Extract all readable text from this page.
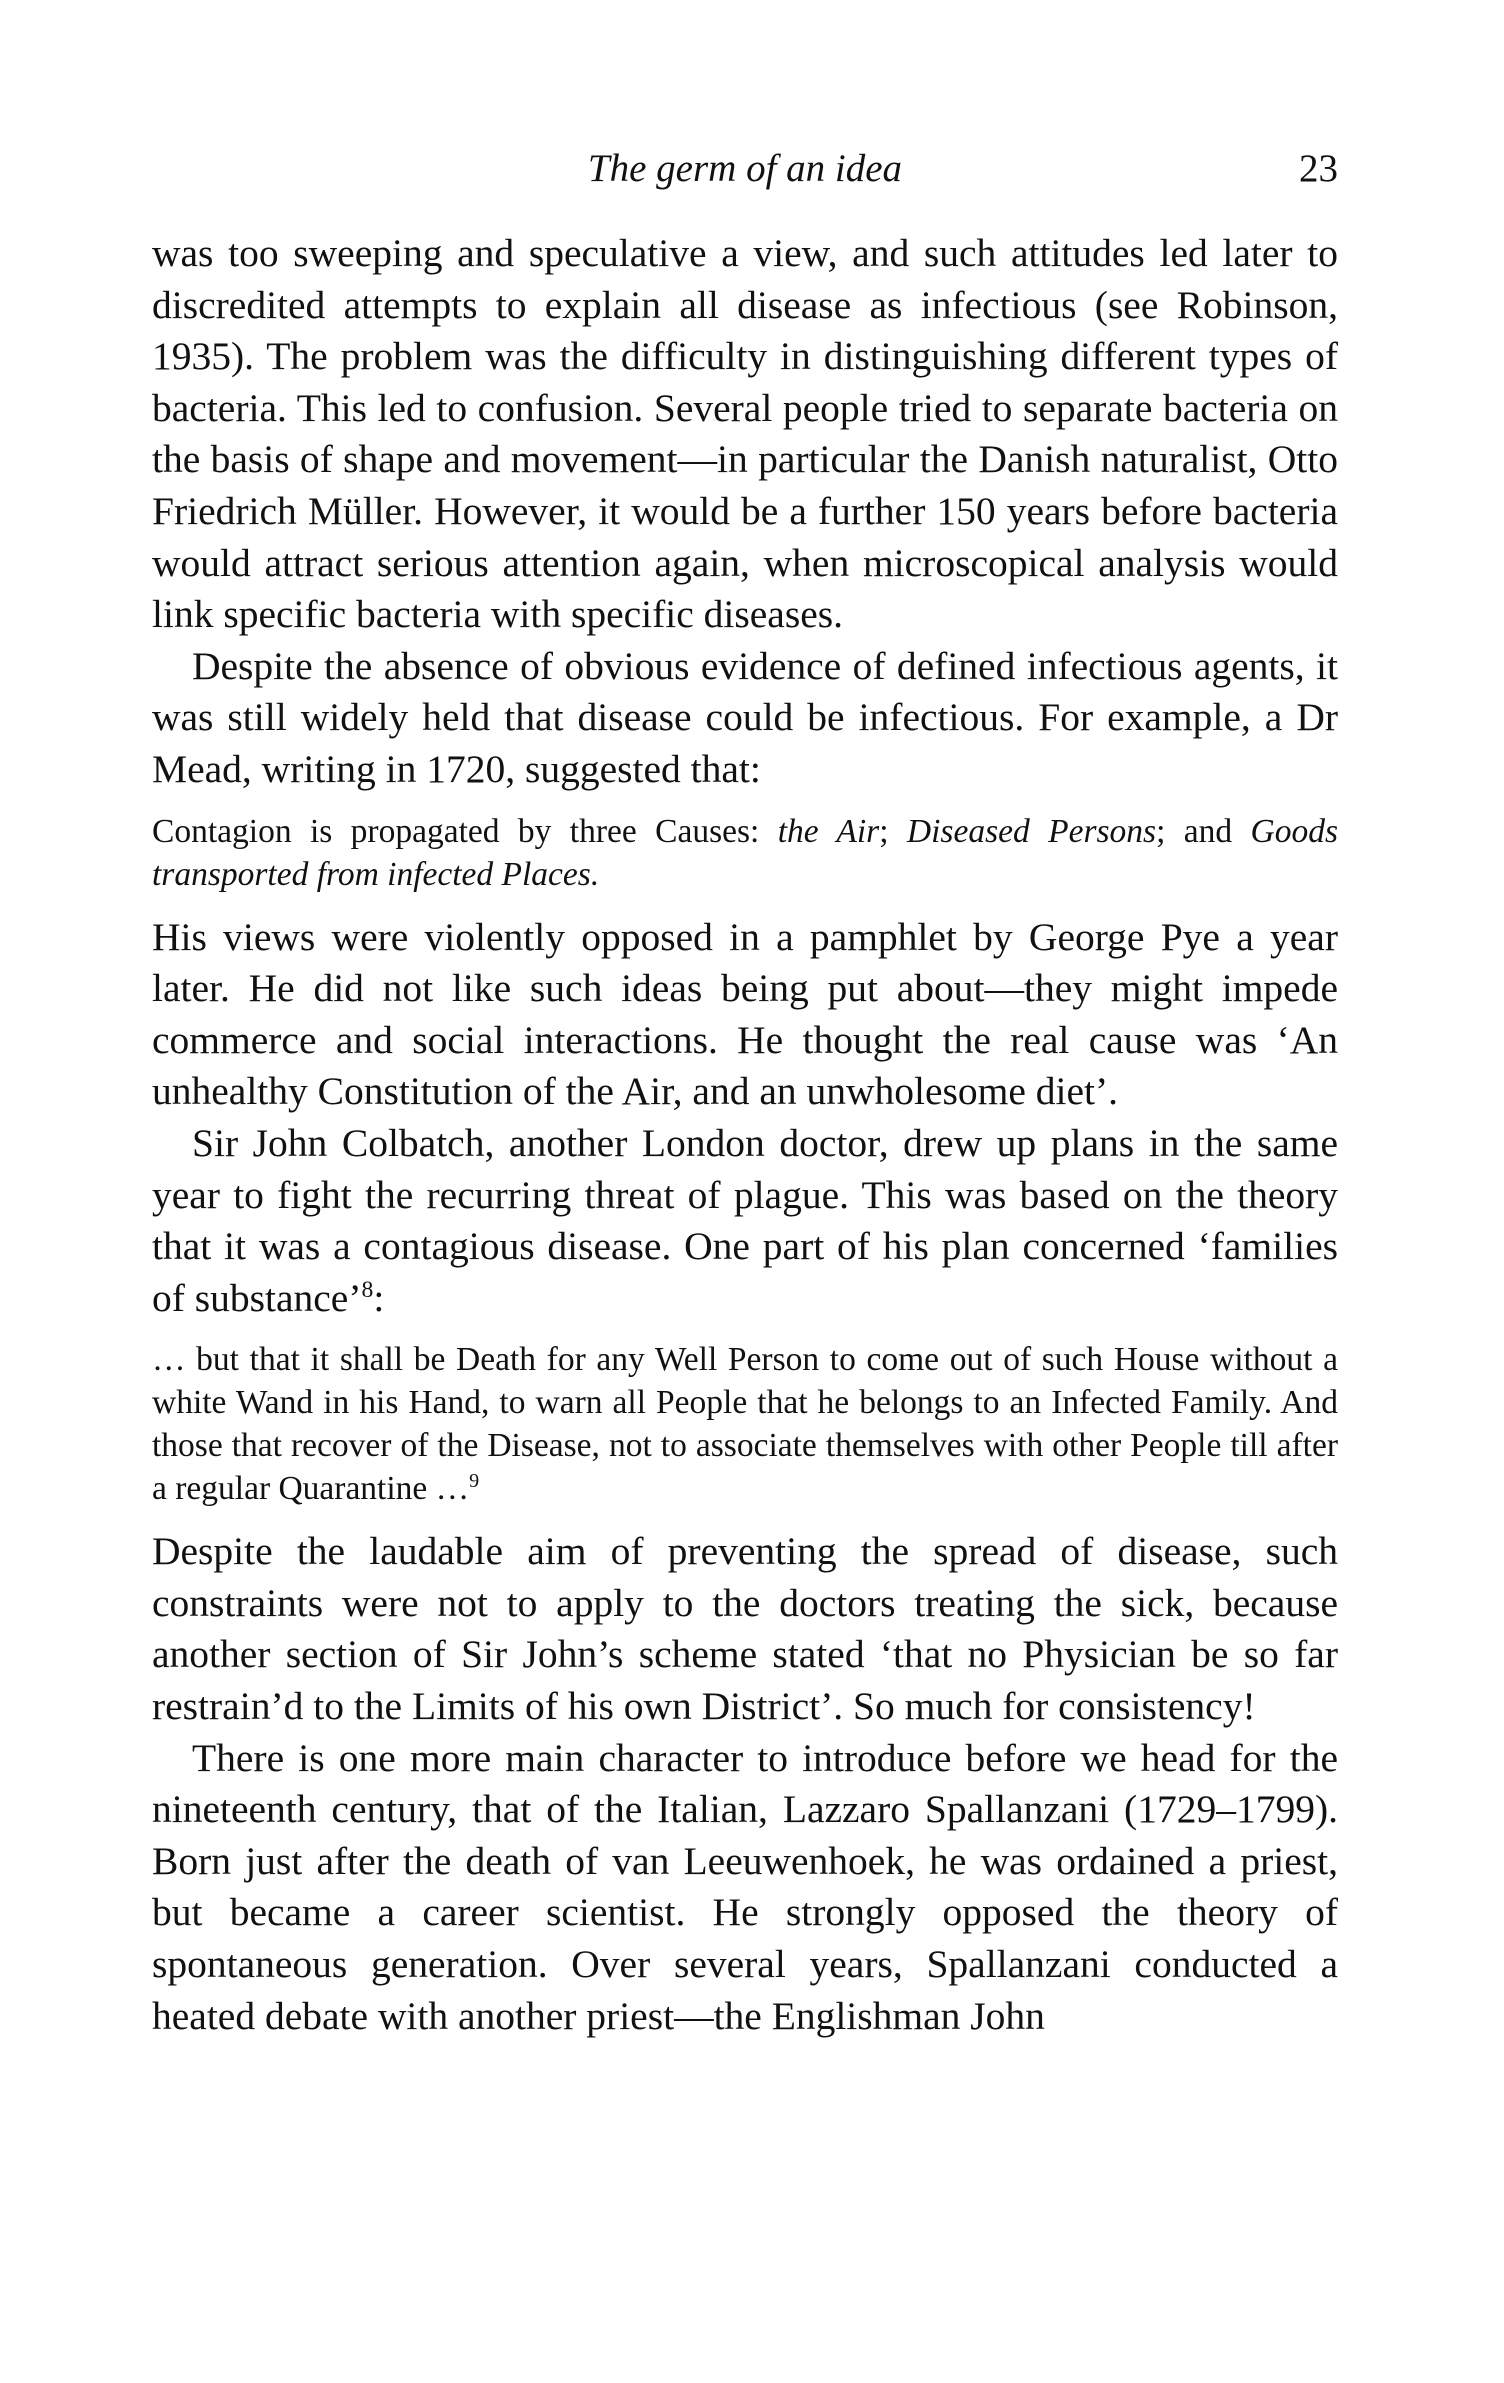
The germ of an idea	23

was too sweeping and speculative a view, and such attitudes led later to discredited attempts to explain all disease as infectious (see Robinson, 1935). The problem was the difficulty in distinguishing different types of bacteria. This led to confusion. Several people tried to separate bacteria on the basis of shape and movement—in particular the Danish naturalist, Otto Friedrich Müller. However, it would be a further 150 years before bacteria would attract serious attention again, when microscopical analysis would link specific bacteria with specific diseases.

Despite the absence of obvious evidence of defined infectious agents, it was still widely held that disease could be infectious. For example, a Dr Mead, writing in 1720, suggested that:

Contagion is propagated by three Causes: the Air; Diseased Persons; and Goods transported from infected Places.

His views were violently opposed in a pamphlet by George Pye a year later. He did not like such ideas being put about—they might impede commerce and social interactions. He thought the real cause was ‘An unhealthy Constitution of the Air, and an unwholesome diet’.

Sir John Colbatch, another London doctor, drew up plans in the same year to fight the recurring threat of plague. This was based on the theory that it was a contagious disease. One part of his plan concerned ‘families of substance’$^8$:

… but that it shall be Death for any Well Person to come out of such House without a white Wand in his Hand, to warn all People that he belongs to an Infected Family. And those that recover of the Disease, not to associate themselves with other People till after a regular Quarantine …$^9$

Despite the laudable aim of preventing the spread of disease, such constraints were not to apply to the doctors treating the sick, because another section of Sir John’s scheme stated ‘that no Physician be so far restrain’d to the Limits of his own District’. So much for consistency!

There is one more main character to introduce before we head for the nineteenth century, that of the Italian, Lazzaro Spallanzani (1729–1799). Born just after the death of van Leeuwenhoek, he was ordained a priest, but became a career scientist. He strongly opposed the theory of spontaneous generation. Over several years, Spallanzani conducted a heated debate with another priest—the Englishman John
